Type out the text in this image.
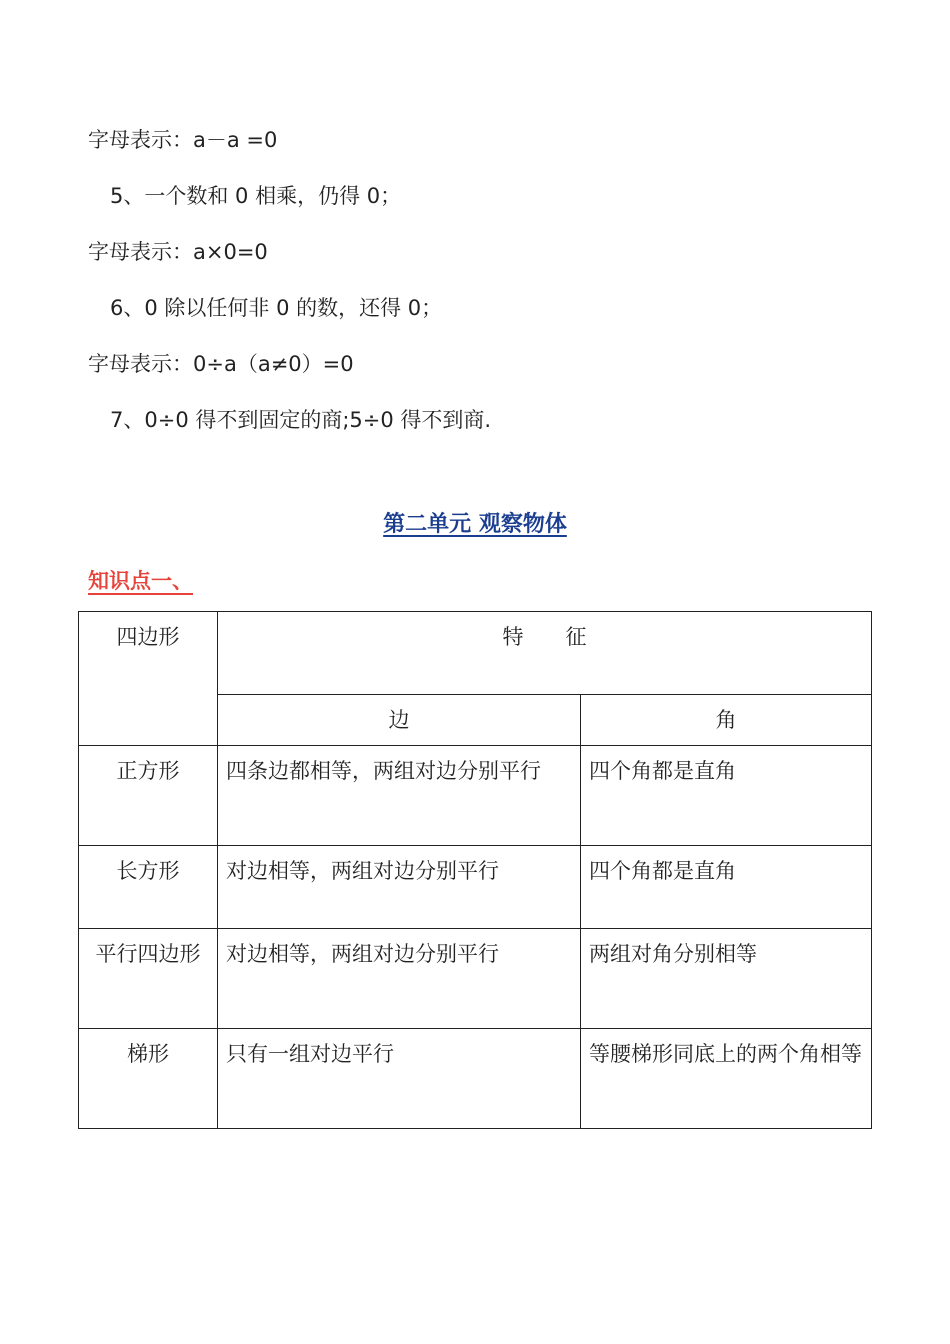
字母表示：a－a =0
5、一个数和 0 相乘，仍得 0；
字母表示：a×0=0
6、0 除以任何非 0 的数，还得 0；
字母表示：0÷a（a≠0）=0
7、0÷0 得不到固定的商;5÷0 得不到商.
第二单元 观察物体
知识点一、
四边形	特　　征	
	边	角
正方形	四条边都相等，两组对边分别平行	四个角都是直角
长方形	对边相等，两组对边分别平行	四个角都是直角
平行四边形	对边相等，两组对边分别平行	两组对角分别相等
梯形	只有一组对边平行	等腰梯形同底上的两个角相等
